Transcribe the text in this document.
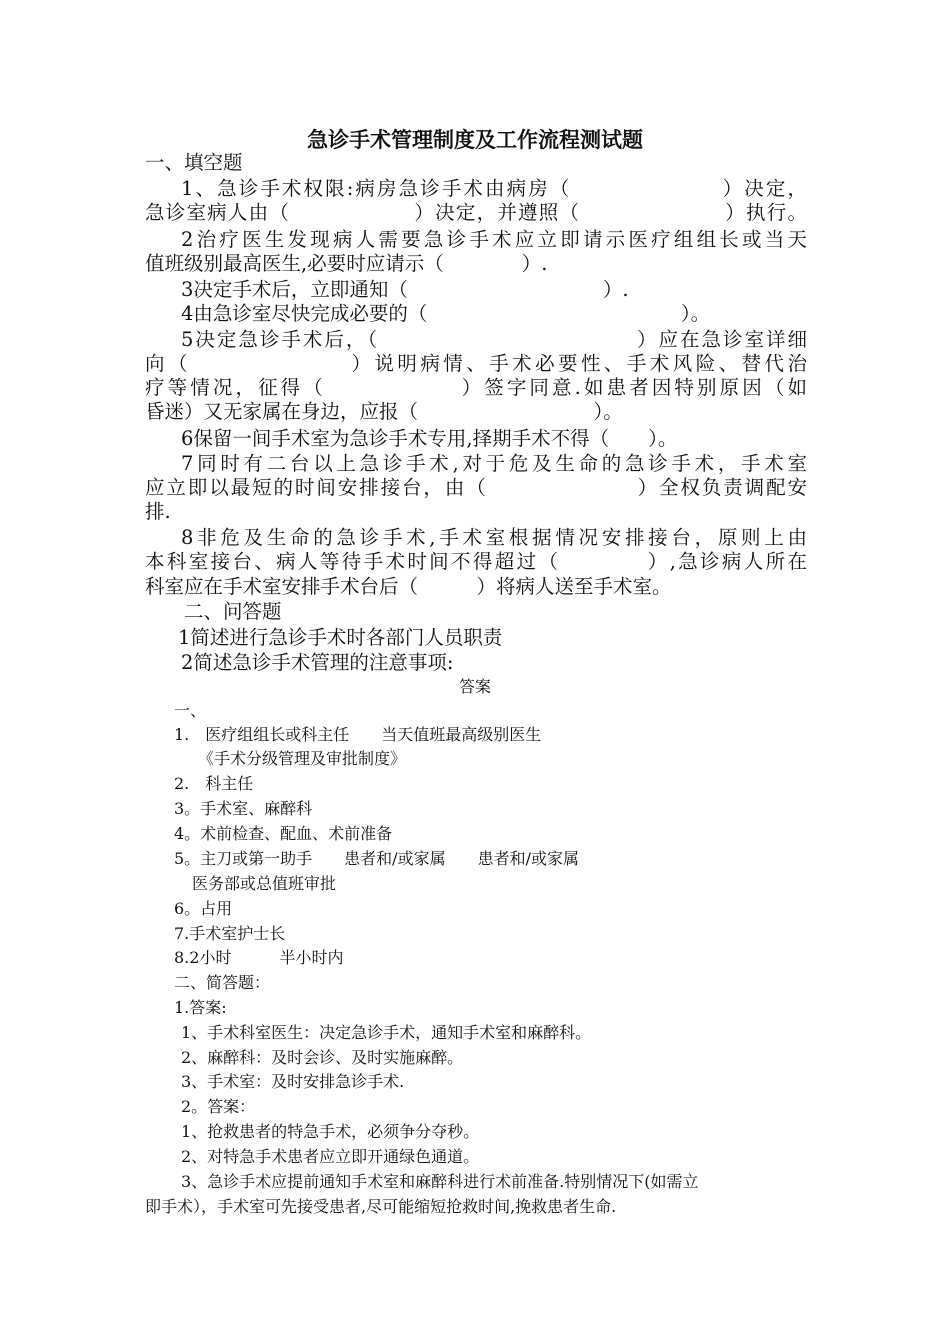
急诊手术管理制度及工作流程测试题
一、填空题
1、急诊手术权限:病房急诊手术由病房（　　　　　　　）决定，
急诊室病人由（　　　　　　）决定，并遵照（　　　　　　　）执行。
2治疗医生发现病人需要急诊手术应立即请示医疗组组长或当天
值班级别最高医生,必要时应请示（　　　　）.
3决定手术后，立即通知（　　　　　　　　　　）.
4由急诊室尽快完成必要的（　　　　　　　　　　　　　）。
5决定急诊手术后，（　　　　　　　　　　　　）应在急诊室详细
向（　　　　　　　）说明病情、手术必要性、手术风险、替代治
疗等情况，征得（　　　　　　）签字同意.如患者因特别原因（如
昏迷）又无家属在身边，应报（　　　　　　　　　）。
6保留一间手术室为急诊手术专用,择期手术不得（　　）。
7同时有二台以上急诊手术,对于危及生命的急诊手术，手术室
应立即以最短的时间安排接台，由（　　　　　　　）全权负责调配安
排.
8非危及生命的急诊手术,手术室根据情况安排接台，原则上由
本科室接台、病人等待手术时间不得超过（　　　　）,急诊病人所在
科室应在手术室安排手术台后（　　　）将病人送至手术室。
二、问答题
1简述进行急诊手术时各部门人员职责
2简述急诊手术管理的注意事项:
答案
一、
1.　医疗组组长或科主任　　当天值班最高级别医生
《手术分级管理及审批制度》
2.　科主任
3。手术室、麻醉科
4。术前检查、配血、术前准备
5。主刀或第一助手　　患者和/或家属　　患者和/或家属
医务部或总值班审批
6。占用
7.手术室护士长
8.2小时　　　半小时内
二、简答题：
1.答案:
1、手术科室医生：决定急诊手术，通知手术室和麻醉科。
2、麻醉科：及时会诊、及时实施麻醉。
3、手术室：及时安排急诊手术.
2。答案：
1、抢救患者的特急手术，必须争分夺秒。
2、对特急手术患者应立即开通绿色通道。
3、急诊手术应提前通知手术室和麻醉科进行术前准备.特别情况下(如需立
即手术），手术室可先接受患者,尽可能缩短抢救时间,挽救患者生命.
